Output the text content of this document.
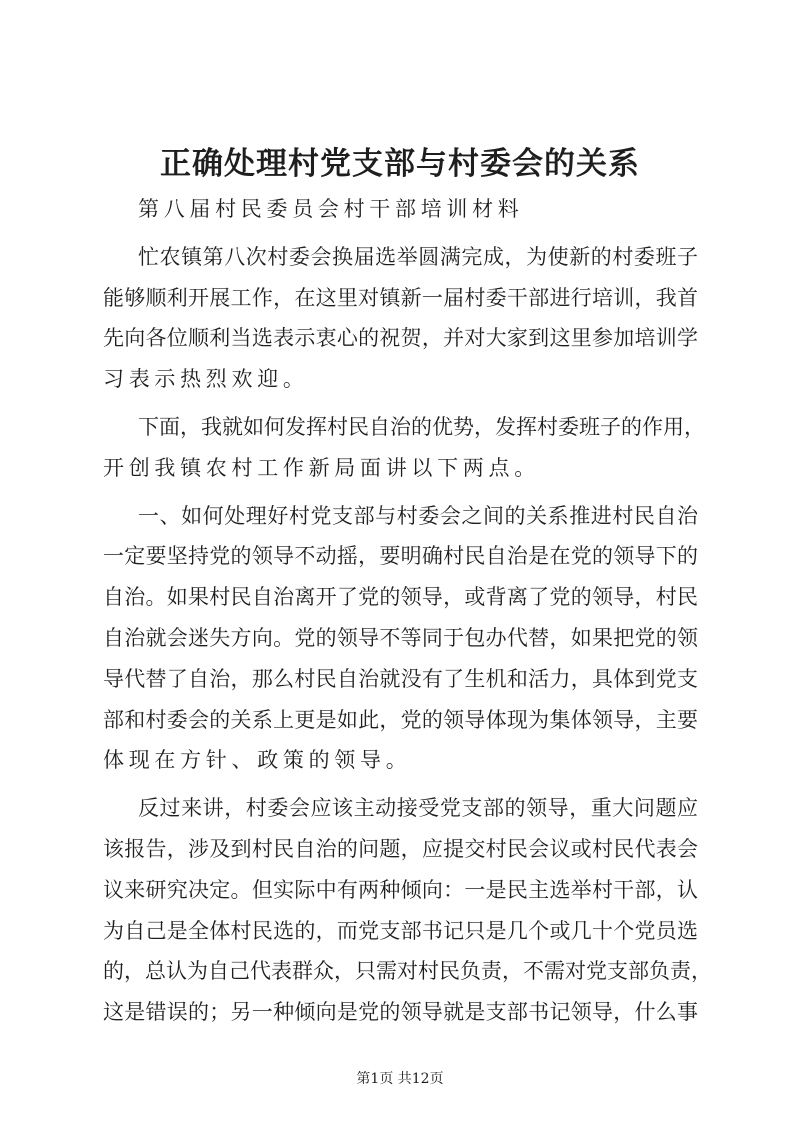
正确处理村党支部与村委会的关系
第八届村民委员会村干部培训材料
忙农镇第八次村委会换届选举圆满完成，为使新的村委班子
能够顺利开展工作，在这里对镇新一届村委干部进行培训，我首
先向各位顺利当选表示衷心的祝贺，并对大家到这里参加培训学
习表示热烈欢迎。
下面，我就如何发挥村民自治的优势，发挥村委班子的作用，
开创我镇农村工作新局面讲以下两点。
一、如何处理好村党支部与村委会之间的关系推进村民自治
一定要坚持党的领导不动摇，要明确村民自治是在党的领导下的
自治。如果村民自治离开了党的领导，或背离了党的领导，村民
自治就会迷失方向。党的领导不等同于包办代替，如果把党的领
导代替了自治，那么村民自治就没有了生机和活力，具体到党支
部和村委会的关系上更是如此，党的领导体现为集体领导，主要
体现在方针、政策的领导。
反过来讲，村委会应该主动接受党支部的领导，重大问题应
该报告，涉及到村民自治的问题，应提交村民会议或村民代表会
议来研究决定。但实际中有两种倾向：一是民主选举村干部，认
为自己是全体村民选的，而党支部书记只是几个或几十个党员选
的，总认为自己代表群众，只需对村民负责，不需对党支部负责，
这是错误的；另一种倾向是党的领导就是支部书记领导，什么事
第1页 共12页
